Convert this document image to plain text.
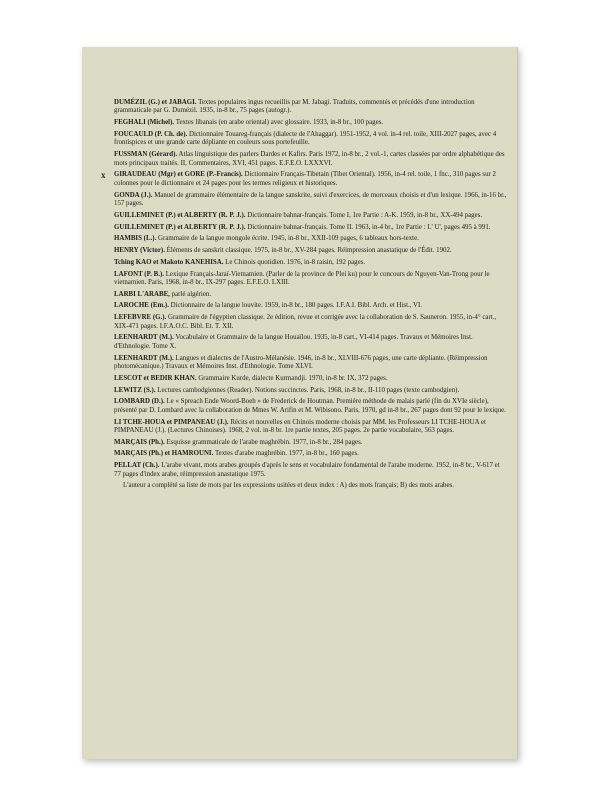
DUMÉZIL (G.) et JABAGI. Textes populaires ingus recueillis par M. Jabagi. Traduits, commentés et précédés d'une introduction grammaticale par G. Dumézil. 1935, in-8 br., 75 pages (autogr.).
FEGHALI (Michel). Textes libanais (en arabe oriental) avec glossaire. 1933, in-8 br., 100 pages.
FOUCAULD (P. Ch. de). Dictionnaire Touareg-français (dialecte de l'Ahaggar). 1951-1952, 4 vol. in-4 rel. toile, XIII-2027 pages, avec 4 frontispices et une grande carte dépliante en couleurs sous portefeuille.
FUSSMAN (Gérard). Atlas linguistique des parlers Dardes et Kafirs. Paris 1972, in-8 br., 2 vol.-1, cartes classées par ordre alphabétique des mots principaux traités. II, Commentaires, XVI, 451 pages. E.F.E.O. LXXXVI.
x GIRAUDEAU (Mgr) et GORE (P.-Francis). Dictionnaire Français-Tibetain (Tibet Oriental). 1956, in-4 rel. toile, 1 fnc., 310 pages sur 2 colonnes pour le dictionnaire et 24 pages pour les termes religieux et historiques.
GONDA (J.). Manuel de grammaire élémentaire de la langue sanskrite, suivi d'exercices, de morceaux choisis et d'un lexique. 1966, in-16 br., 157 pages.
GUILLEMINET (P.) et ALBERTY (R. P. J.). Dictionnaire bahnar-français. Tome I, 1re Partie : A-K. 1959, in-8 br., XX-494 pages.
GUILLEMINET (P.) et ALBERTY (R. P. J.). Dictionnaire bahnar-français. Tome II. 1963, in-4 br., 1re Partie : L' U', pages 495 à 991.
HAMBIS (L.). Grammaire de la langue mongole écrite. 1945, in-8 br., XXII-109 pages, 6 tableaux hors-texte.
HENRY (Victor). Éléments de sanskrit classique. 1975, in-8 br., XV-284 pages. Réimpression anastatique de l'Édit. 1902.
Tching KAO et Makoto KANEHISA. Le Chinois quotidien. 1976, in-8 raisin, 192 pages.
LAFONT (P. B.). Lexique Français-Jaraï-Vietnamien. (Parler de la province de Plei ku) pour le concours de Nguyen-Van-Trong pour le vietnamien. Paris, 1968, in-8 br., IX-297 pages. E.F.E.O. LXIII.
LARBI L'ARABE, parlé algérien.
LAROCHE (Em.). Dictionnaire de la langue louvite. 1959, in-8 br., 180 pages. I.F.A.I. Bibl. Arch. et Hist., VI.
LEFEBVRE (G.). Grammaire de l'égyptien classique. 2e édition, revue et corrigée avec la collaboration de S. Sauneron. 1955, in-4° cart., XIX-471 pages. I.F.A.O.C. Bibl. Et. T. XII.
LEENHARDT (M.). Vocabulaire et Grammaire de la langue Houaïlou. 1935, in-8 cart., VI-414 pages. Travaux et Mémoires Inst. d'Ethnologie. Tome X.
LEENHARDT (M.). Langues et dialectes de l'Austro-Mélanésie. 1946, in-8 br., XLVIII-676 pages, une carte dépliante. (Réimpression photomécanique.) Travaux et Mémoires Inst. d'Ethnologie. Tome XLVI.
LESCOT et BEDIR KHAN. Grammaire Kurde, dialecte Kurmandji. 1970, in-8 br. IX, 372 pages.
LEWITZ (S.). Lectures cambodgiennes (Reader). Notions succinctes. Paris, 1968, in-8 br., II-110 pages (texte cambodgien).
LOMBARD (D.). Le « Spreach Ende Woord-Boeh » de Frederick de Houtman. Première méthode de malais parlé (fin du XVIe siècle), présenté par D. Lombard avec la collaboration de Mmes W. Arifin et M. Wibisono. Paris, 1970, gd in-8 br., 267 pages dont 92 pour le lexique.
LI TCHE-HOUA et PIMPANEAU (J.). Récits et nouvelles en Chinois moderne choisis par MM. les Professeurs LI TCHE-HOUA et PIMPANEAU (J.). (Lectures Chinoises). 1968, 2 vol. in-8 br. 1re partie textes, 205 pages. 2e partie vocabulaire, 563 pages.
MARÇAIS (Ph.). Esquisse grammaticale de l'arabe maghrébin. 1977, in-8 br., 284 pages.
MARÇAIS (Ph.) et HAMROUNI. Textes d'arabe maghrébin. 1977, in-8 br., 160 pages.
PELLAT (Ch.). L'arabe vivant, mots arabes groupés d'après le sens et vocabulaire fondamental de l'arabe moderne. 1952, in-8 br., V-617 et 77 pages d'index arabe, réimpression anastatique 1975.
L'auteur a complété sa liste de mots par les expressions usitées et deux index : A) des mots français; B) des mots arabes.
